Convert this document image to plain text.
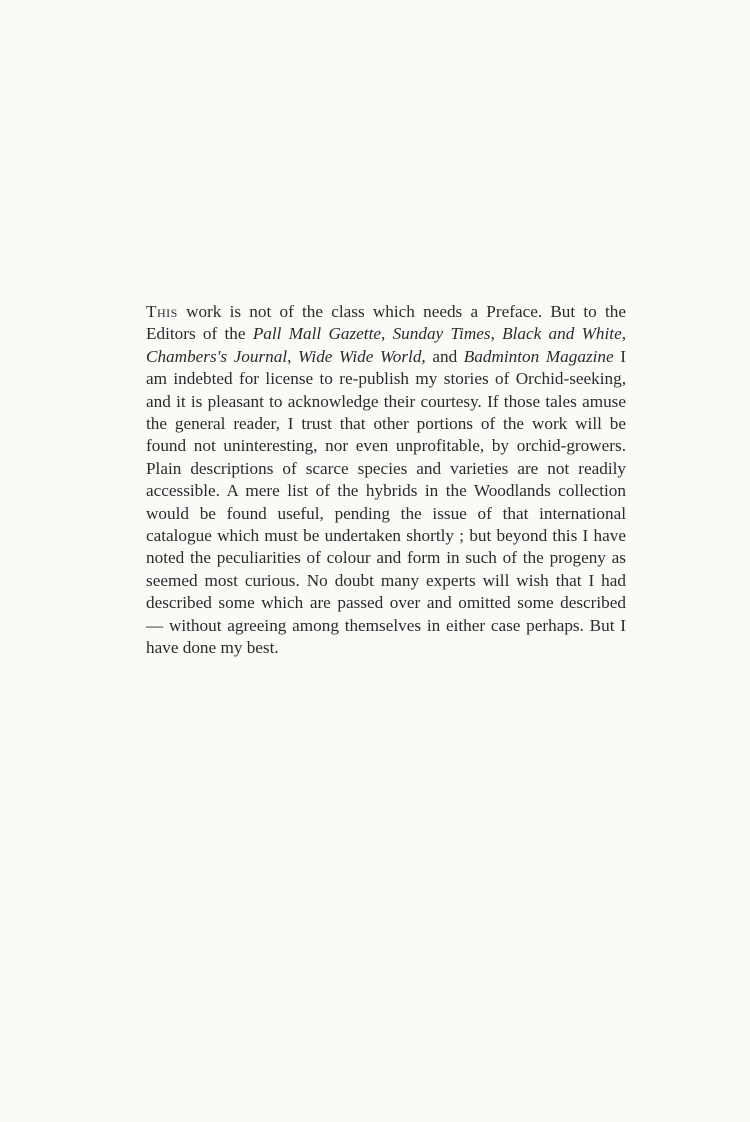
This work is not of the class which needs a Preface. But to the Editors of the Pall Mall Gazette, Sunday Times, Black and White, Chambers's Journal, Wide Wide World, and Badminton Magazine I am indebted for license to re-publish my stories of Orchid-seeking, and it is pleasant to acknowledge their courtesy. If those tales amuse the general reader, I trust that other portions of the work will be found not uninteresting, nor even unprofitable, by orchid-growers. Plain descriptions of scarce species and varieties are not readily accessible. A mere list of the hybrids in the Woodlands collection would be found useful, pending the issue of that international catalogue which must be undertaken shortly ; but beyond this I have noted the peculiarities of colour and form in such of the progeny as seemed most curious. No doubt many experts will wish that I had described some which are passed over and omitted some described — without agreeing among themselves in either case perhaps. But I have done my best.
